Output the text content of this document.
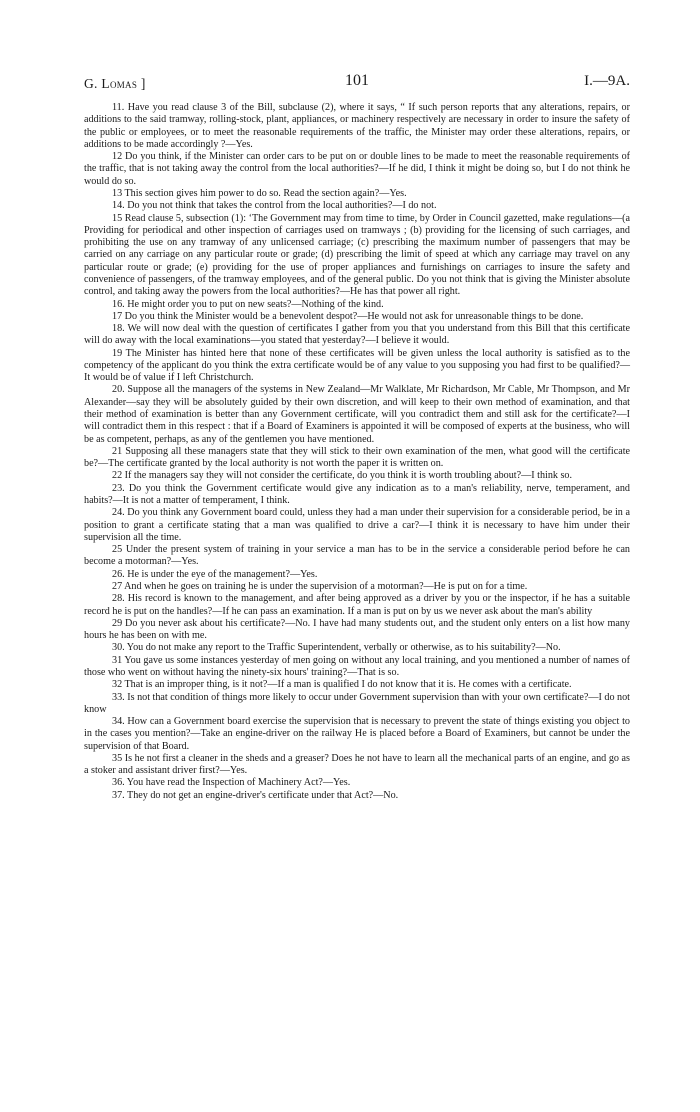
G. Lomas ]	101	I.—9A.

11. Have you read clause 3 of the Bill, subclause (2), where it says, “ If such person reports that any alterations, repairs, or additions to the said tramway, rolling-stock, plant, appliances, or machinery respectively are necessary in order to insure the safety of the public or employees, or to meet the reasonable requirements of the traffic, the Minister may order these alterations, repairs, or additions to be made accordingly ?—Yes.

12 Do you think, if the Minister can order cars to be put on or double lines to be made to meet the reasonable requirements of the traffic, that is not taking away the control from the local authorities?—If he did, I think it might be doing so, but I do not think he would do so.

13 This section gives him power to do so. Read the section again?—Yes.

14. Do you not think that takes the control from the local authorities?—I do not.

15 Read clause 5, subsection (1): ‘The Government may from time to time, by Order in Council gazetted, make regulations—(a Providing for periodical and other inspection of carriages used on tramways ; (b) providing for the licensing of such carriages, and prohibiting the use on any tramway of any unlicensed carriage; (c) prescribing the maximum number of passengers that may be carried on any carriage on any particular route or grade; (d) prescribing the limit of speed at which any carriage may travel on any particular route or grade; (e) providing for the use of proper appliances and furnishings on carriages to insure the safety and convenience of passengers, of the tramway employees, and of the general public. Do you not think that is giving the Minister absolute control, and taking away the powers from the local authorities?—He has that power all right.

16. He might order you to put on new seats?—Nothing of the kind.

17 Do you think the Minister would be a benevolent despot?—He would not ask for unreasonable things to be done.

18. We will now deal with the question of certificates I gather from you that you understand from this Bill that this certificate will do away with the local examinations—you stated that yesterday?—I believe it would.

19 The Minister has hinted here that none of these certificates will be given unless the local authority is satisfied as to the competency of the applicant do you think the extra certificate would be of any value to you supposing you had first to be qualified?—It would be of value if I left Christchurch.

20. Suppose all the managers of the systems in New Zealand—Mr Walklate, Mr Richardson, Mr Cable, Mr Thompson, and Mr Alexander—say they will be absolutely guided by their own discretion, and will keep to their own method of examination, and that their method of examination is better than any Government certificate, will you contradict them and still ask for the certificate?—I will contradict them in this respect : that if a Board of Examiners is appointed it will be composed of experts at the business, who will be as competent, perhaps, as any of the gentlemen you have mentioned.

21 Supposing all these managers state that they will stick to their own examination of the men, what good will the certificate be?—The certificate granted by the local authority is not worth the paper it is written on.

22 If the managers say they will not consider the certificate, do you think it is worth troubling about?—I think so.

23. Do you think the Government certificate would give any indication as to a man's reliability, nerve, temperament, and habits?—It is not a matter of temperament, I think.

24. Do you think any Government board could, unless they had a man under their supervision for a considerable period, be in a position to grant a certificate stating that a man was qualified to drive a car?—I think it is necessary to have him under their supervision all the time.

25 Under the present system of training in your service a man has to be in the service a considerable period before he can become a motorman?—Yes.

26. He is under the eye of the management?—Yes.

27 And when he goes on training he is under the supervision of a motorman?—He is put on for a time.

28. His record is known to the management, and after being approved as a driver by you or the inspector, if he has a suitable record he is put on the handles?—If he can pass an examination. If a man is put on by us we never ask about the man's ability

29 Do you never ask about his certificate?—No. I have had many students out, and the student only enters on a list how many hours he has been on with me.

30. You do not make any report to the Traffic Superintendent, verbally or otherwise, as to his suitability?—No.

31 You gave us some instances yesterday of men going on without any local training, and you mentioned a number of names of those who went on without having the ninety-six hours' training?—That is so.

32 That is an improper thing, is it not?—If a man is qualified I do not know that it is. He comes with a certificate.

33. Is not that condition of things more likely to occur under Government supervision than with your own certificate?—I do not know

34. How can a Government board exercise the supervision that is necessary to prevent the state of things existing you object to in the cases you mention?—Take an engine-driver on the railway He is placed before a Board of Examiners, but cannot be under the supervision of that Board.

35 Is he not first a cleaner in the sheds and a greaser? Does he not have to learn all the mechanical parts of an engine, and go as a stoker and assistant driver first?—Yes.

36. You have read the Inspection of Machinery Act?—Yes.

37. They do not get an engine-driver's certificate under that Act?—No.
